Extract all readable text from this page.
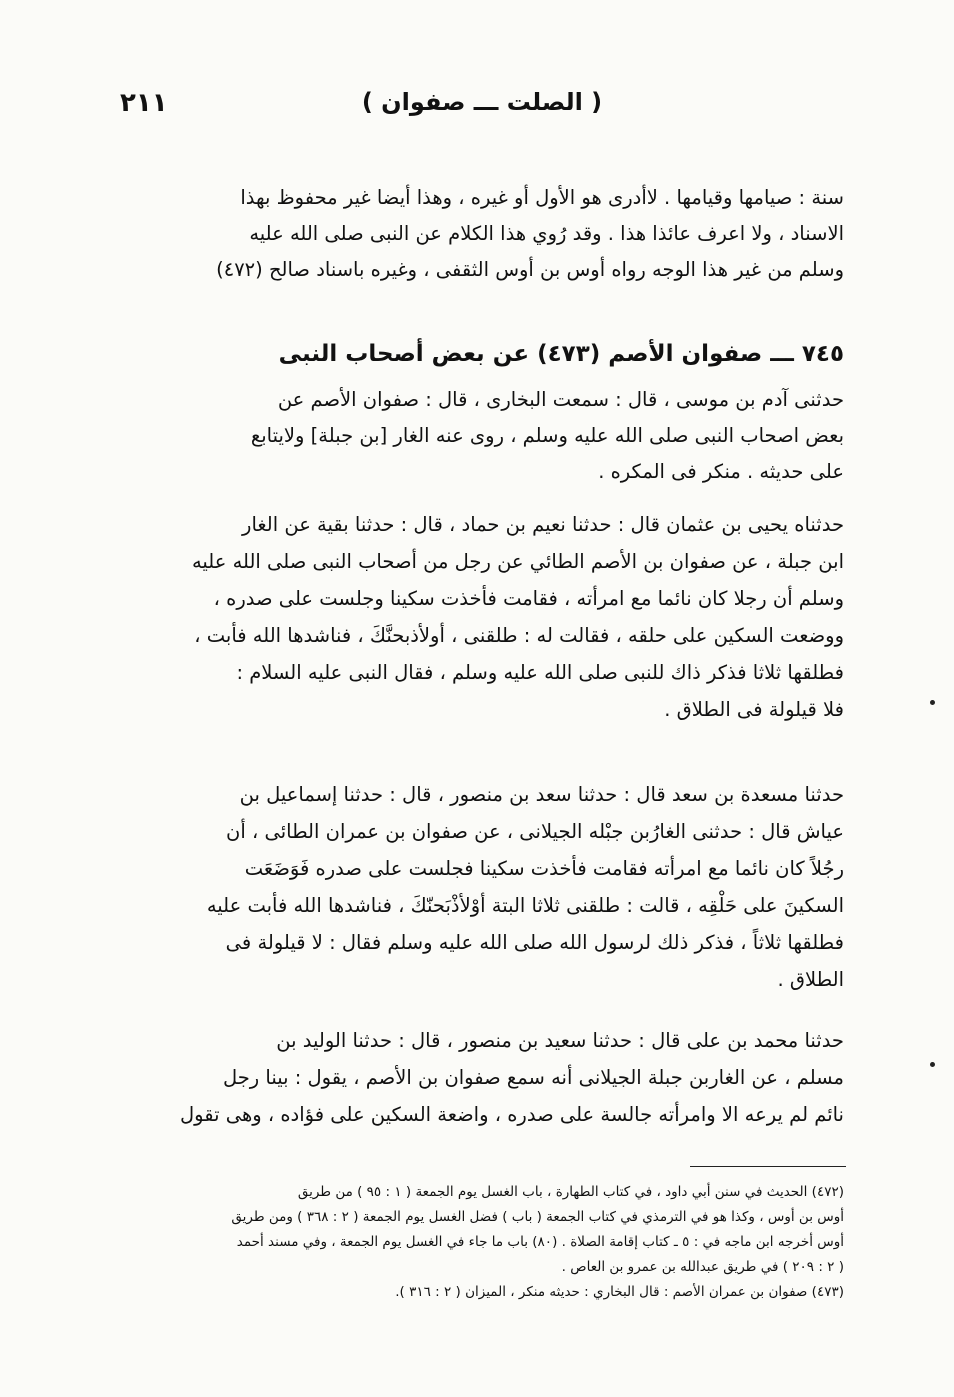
٢١١	( الصلت ـــ صفوان )

سنة : صيامها وقيامها . لاأدرى هو الأول أو غيره ، وهذا أيضا غير محفوظ بهذا

الاسناد ، ولا اعرف عائذا هذا . وقد رُوي هذا الكلام عن النبى صلى الله عليه

وسلم من غير هذا الوجه رواه أوس بن أوس الثقفى ، وغيره باسناد صالح (٤٧٢)

٧٤٥ ـــ صفوان الأصم (٤٧٣) عن بعض أصحاب النبى

حدثنى آدم بن موسى ، قال : سمعت البخارى ، قال : صفوان الأصم عن

بعض اصحاب النبى صلى الله عليه وسلم ، روى عنه الغار [بن جبلة] ولايتابع

على حديثه . منكر فى المكره .

حدثناه يحيى بن عثمان قال : حدثنا نعيم بن حماد ، قال : حدثنا بقية عن الغار

ابن جبلة ، عن صفوان بن الأصم الطائي عن رجل من أصحاب النبى صلى الله عليه

وسلم أن رجلا كان نائما مع امرأته ، فقامت فأخذت سكينا وجلست على صدره ،

ووضعت السكين على حلقه ، فقالت له : طلقنى ، أولأذبحنَّكَ ، فناشدها الله فأبت ،

فطلقها ثلاثا فذكر ذاك للنبى صلى الله عليه وسلم ، فقال النبى عليه السلام :

فلا قيلولة فى الطلاق .

حدثنا مسعدة بن سعد قال : حدثنا سعد بن منصور ، قال : حدثنا إسماعيل بن

عياش قال : حدثنى الغارُبن جبْله الجيلانى ، عن صفوان بن عمران الطائى ، أن

رجُلاً كان نائما مع امرأته فقامت فأخذت سكينا فجلست على صدره فَوَضَعَت

السكينَ على حَلْقِه ، قالت : طلقنى ثلاثا البتة أوْلأذْبَحنّكَ ، فناشدها الله فأبت عليه

فطلقها ثلاثاً ، فذكر ذلك لرسول الله صلى الله عليه وسلم فقال : لا قيلولة فى

الطلاق .

حدثنا محمد بن على قال : حدثنا سعيد بن منصور ، قال : حدثنا الوليد بن

مسلم ، عن الغاربن جبلة الجيلانى أنه سمع صفوان بن الأصم ، يقول : بينا رجل

نائم لم يرعه الا وامرأته جالسة على صدره ، واضعة السكين على فؤاده ، وهى تقول

(٤٧٢) الحديث في سنن أبي داود ، في كتاب الطهارة ، باب الغسل يوم الجمعة ( ١ : ٩٥ ) من طريق

أوس بن أوس ، وكذا هو في الترمذي في كتاب الجمعة ( باب ) فضل الغسل يوم الجمعة ( ٢ : ٣٦٨ ) ومن طريق

أوس أخرجه ابن ماجه في : ٥ ـ كتاب إقامة الصلاة . (٨٠) باب ما جاء في الغسل يوم الجمعة ، وفي مسند أحمد

( ٢ : ٢٠٩ ) في طريق عبدالله بن عمرو بن العاص .

(٤٧٣) صفوان بن عمران الأصم : قال البخاري : حديثه منكر ، الميزان ( ٢ : ٣١٦ ).
